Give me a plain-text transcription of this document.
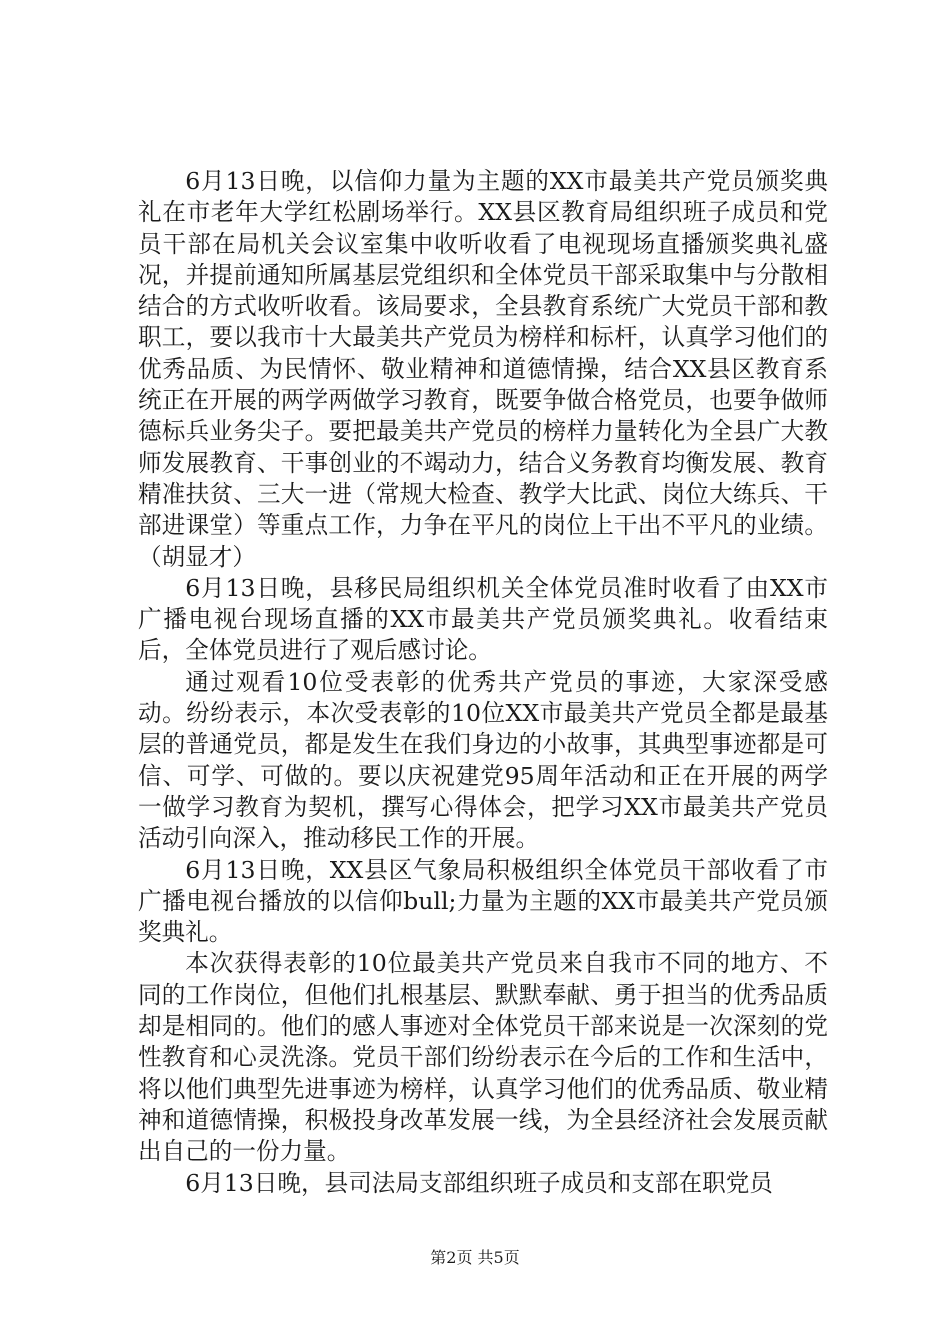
6月13日晚，以信仰力量为主题的XX市最美共产党员颁奖典礼在市老年大学红松剧场举行。XX县区教育局组织班子成员和党员干部在局机关会议室集中收听收看了电视现场直播颁奖典礼盛况，并提前通知所属基层党组织和全体党员干部采取集中与分散相结合的方式收听收看。该局要求，全县教育系统广大党员干部和教职工，要以我市十大最美共产党员为榜样和标杆，认真学习他们的优秀品质、为民情怀、敬业精神和道德情操，结合XX县区教育系统正在开展的两学两做学习教育，既要争做合格党员，也要争做师德标兵业务尖子。要把最美共产党员的榜样力量转化为全县广大教师发展教育、干事创业的不竭动力，结合义务教育均衡发展、教育精准扶贫、三大一进（常规大检查、教学大比武、岗位大练兵、干部进课堂）等重点工作，力争在平凡的岗位上干出不平凡的业绩。（胡显才）

6月13日晚，县移民局组织机关全体党员准时收看了由XX市广播电视台现场直播的XX市最美共产党员颁奖典礼。收看结束后，全体党员进行了观后感讨论。

通过观看10位受表彰的优秀共产党员的事迹，大家深受感动。纷纷表示，本次受表彰的10位XX市最美共产党员全都是最基层的普通党员，都是发生在我们身边的小故事，其典型事迹都是可信、可学、可做的。要以庆祝建党95周年活动和正在开展的两学一做学习教育为契机，撰写心得体会，把学习XX市最美共产党员活动引向深入，推动移民工作的开展。

6月13日晚，XX县区气象局积极组织全体党员干部收看了市广播电视台播放的以信仰bull;力量为主题的XX市最美共产党员颁奖典礼。

本次获得表彰的10位最美共产党员来自我市不同的地方、不同的工作岗位，但他们扎根基层、默默奉献、勇于担当的优秀品质却是相同的。他们的感人事迹对全体党员干部来说是一次深刻的党性教育和心灵洗涤。党员干部们纷纷表示在今后的工作和生活中，将以他们典型先进事迹为榜样，认真学习他们的优秀品质、敬业精神和道德情操，积极投身改革发展一线，为全县经济社会发展贡献出自己的一份力量。

6月13日晚，县司法局支部组织班子成员和支部在职党员

第2页 共5页
